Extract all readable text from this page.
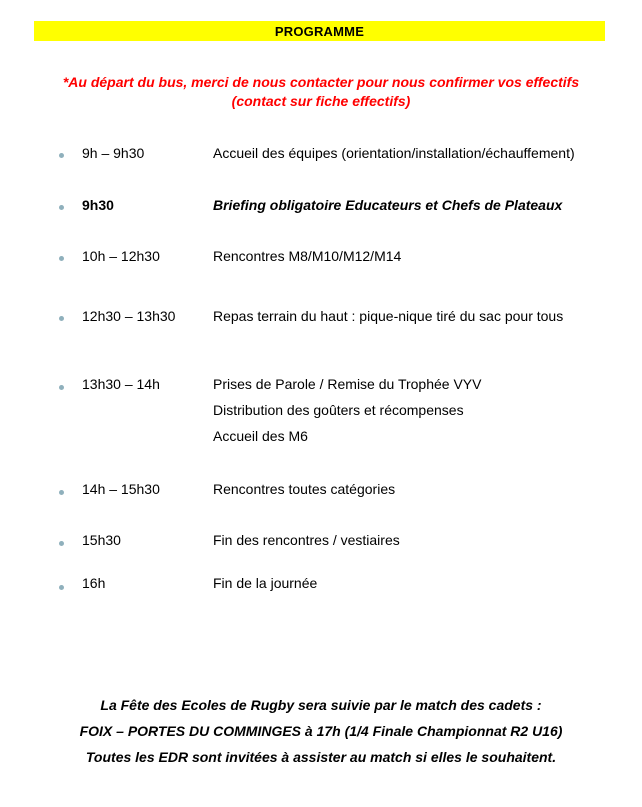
PROGRAMME
*Au départ du bus, merci de nous contacter pour nous confirmer vos effectifs
(contact sur fiche effectifs)
9h – 9h30	Accueil des équipes (orientation/installation/échauffement)
9h30	Briefing obligatoire Educateurs et Chefs de Plateaux
10h – 12h30	Rencontres M8/M10/M12/M14
12h30 – 13h30	Repas terrain du haut : pique-nique tiré du sac pour tous
13h30 – 14h	Prises de Parole / Remise du Trophée VYV
Distribution des goûters et récompenses
Accueil des M6
14h – 15h30	Rencontres toutes catégories
15h30	Fin des rencontres / vestiaires
16h	Fin de la journée
La Fête des Ecoles de Rugby sera suivie par le match des cadets :
FOIX – PORTES DU COMMINGES à 17h (1/4 Finale Championnat R2 U16)
Toutes les EDR sont invitées à assister au match si elles le souhaitent.
